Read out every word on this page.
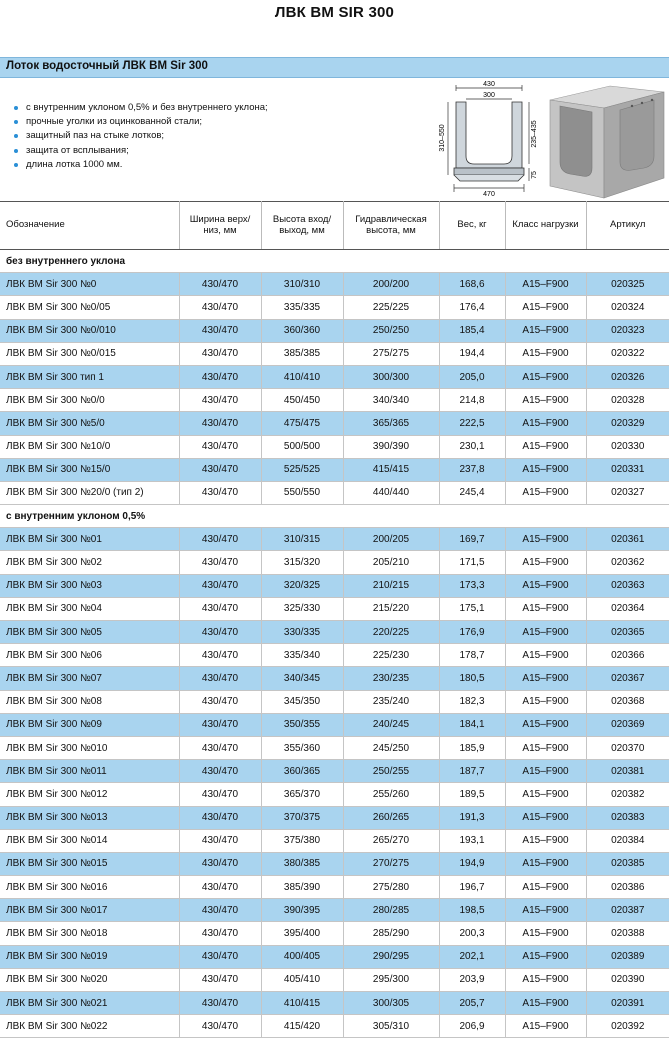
ЛВК ВМ SIR 300
Лоток водосточный ЛВК ВМ Sir 300
с внутренним уклоном 0,5% и без внутреннего уклона;
прочные уголки из оцинкованной стали;
защитный паз на стыке лотков;
защита от всплывания;
длина лотка 1000 мм.
430
300
310–550	235–435
75
470
Обозначение	Ширина верх/низ, мм	Высота вход/выход, мм	Гидравлическая высота, мм	Вес, кг	Класс нагрузки	Артикул
без внутреннего уклона						
ЛВК ВМ Sir 300 №0	430/470	310/310	200/200	168,6	А15–F900	020325
ЛВК ВМ Sir 300 №0/05	430/470	335/335	225/225	176,4	А15–F900	020324
ЛВК ВМ Sir 300 №0/010	430/470	360/360	250/250	185,4	А15–F900	020323
ЛВК ВМ Sir 300 №0/015	430/470	385/385	275/275	194,4	А15–F900	020322
ЛВК ВМ Sir 300 тип 1	430/470	410/410	300/300	205,0	А15–F900	020326
ЛВК ВМ Sir 300 №0/0	430/470	450/450	340/340	214,8	А15–F900	020328
ЛВК ВМ Sir 300 №5/0	430/470	475/475	365/365	222,5	А15–F900	020329
ЛВК ВМ Sir 300 №10/0	430/470	500/500	390/390	230,1	А15–F900	020330
ЛВК ВМ Sir 300 №15/0	430/470	525/525	415/415	237,8	А15–F900	020331
ЛВК ВМ Sir 300 №20/0 (тип 2)	430/470	550/550	440/440	245,4	А15–F900	020327
с внутренним уклоном 0,5%						
ЛВК ВМ Sir 300 №01	430/470	310/315	200/205	169,7	А15–F900	020361
ЛВК ВМ Sir 300 №02	430/470	315/320	205/210	171,5	А15–F900	020362
ЛВК ВМ Sir 300 №03	430/470	320/325	210/215	173,3	А15–F900	020363
ЛВК ВМ Sir 300 №04	430/470	325/330	215/220	175,1	А15–F900	020364
ЛВК ВМ Sir 300 №05	430/470	330/335	220/225	176,9	А15–F900	020365
ЛВК ВМ Sir 300 №06	430/470	335/340	225/230	178,7	А15–F900	020366
ЛВК ВМ Sir 300 №07	430/470	340/345	230/235	180,5	А15–F900	020367
ЛВК ВМ Sir 300 №08	430/470	345/350	235/240	182,3	А15–F900	020368
ЛВК ВМ Sir 300 №09	430/470	350/355	240/245	184,1	А15–F900	020369
ЛВК ВМ Sir 300 №010	430/470	355/360	245/250	185,9	А15–F900	020370
ЛВК ВМ Sir 300 №011	430/470	360/365	250/255	187,7	А15–F900	020381
ЛВК ВМ Sir 300 №012	430/470	365/370	255/260	189,5	А15–F900	020382
ЛВК ВМ Sir 300 №013	430/470	370/375	260/265	191,3	А15–F900	020383
ЛВК ВМ Sir 300 №014	430/470	375/380	265/270	193,1	А15–F900	020384
ЛВК ВМ Sir 300 №015	430/470	380/385	270/275	194,9	А15–F900	020385
ЛВК ВМ Sir 300 №016	430/470	385/390	275/280	196,7	А15–F900	020386
ЛВК ВМ Sir 300 №017	430/470	390/395	280/285	198,5	А15–F900	020387
ЛВК ВМ Sir 300 №018	430/470	395/400	285/290	200,3	А15–F900	020388
ЛВК ВМ Sir 300 №019	430/470	400/405	290/295	202,1	А15–F900	020389
ЛВК ВМ Sir 300 №020	430/470	405/410	295/300	203,9	А15–F900	020390
ЛВК ВМ Sir 300 №021	430/470	410/415	300/305	205,7	А15–F900	020391
ЛВК ВМ Sir 300 №022	430/470	415/420	305/310	206,9	А15–F900	020392
